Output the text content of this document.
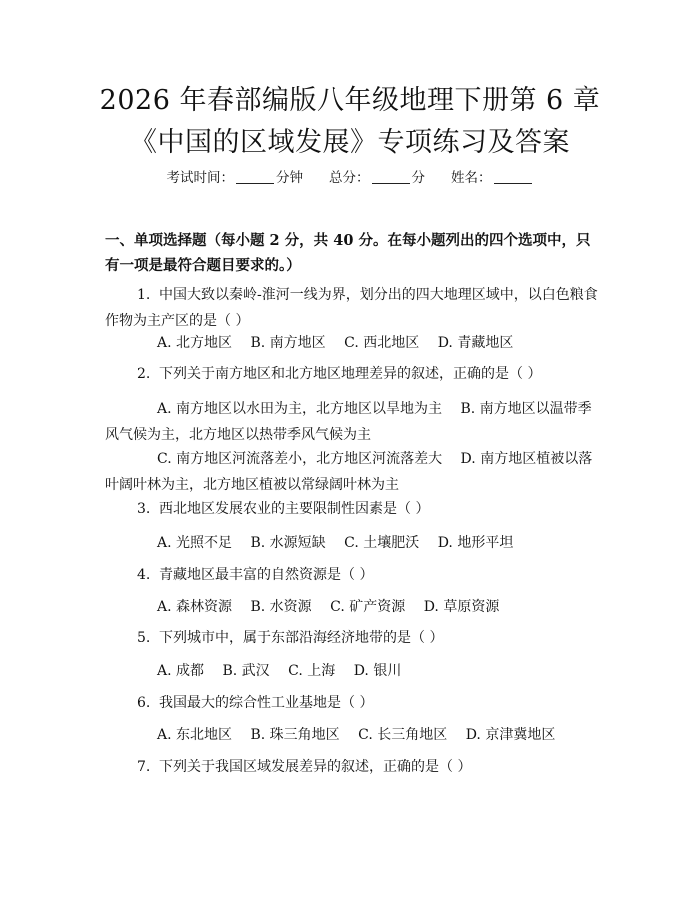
2026 年春部编版八年级地理下册第 6 章《中国的区域发展》专项练习及答案
考试时间：	分钟 总分：	分 姓名：
一、单项选择题（每小题 2 分，共 40 分。在每小题列出的四个选项中，只有一项是最符合题目要求的。）
1. 中国大致以秦岭-淮河一线为界，划分出的四大地理区域中，以白色粮食作物为主产区的是（ ）
A. 北方地区 B. 南方地区 C. 西北地区 D. 青藏地区
2. 下列关于南方地区和北方地区地理差异的叙述，正确的是（ ）
A. 南方地区以水田为主，北方地区以旱地为主　 B. 南方地区以温带季风气候为主，北方地区以热带季风气候为主
C. 南方地区河流落差小，北方地区河流落差大　 D. 南方地区植被以落叶阔叶林为主，北方地区植被以常绿阔叶林为主
3. 西北地区发展农业的主要限制性因素是（ ）
A. 光照不足 B. 水源短缺 C. 土壤肥沃 D. 地形平坦
4. 青藏地区最丰富的自然资源是（ ）
A. 森林资源 B. 水资源 C. 矿产资源 D. 草原资源
5. 下列城市中，属于东部沿海经济地带的是（ ）
A. 成都 B. 武汉 C. 上海 D. 银川
6. 我国最大的综合性工业基地是（ ）
A. 东北地区 B. 珠三角地区 C. 长三角地区 D. 京津冀地区
7. 下列关于我国区域发展差异的叙述，正确的是（ ）
